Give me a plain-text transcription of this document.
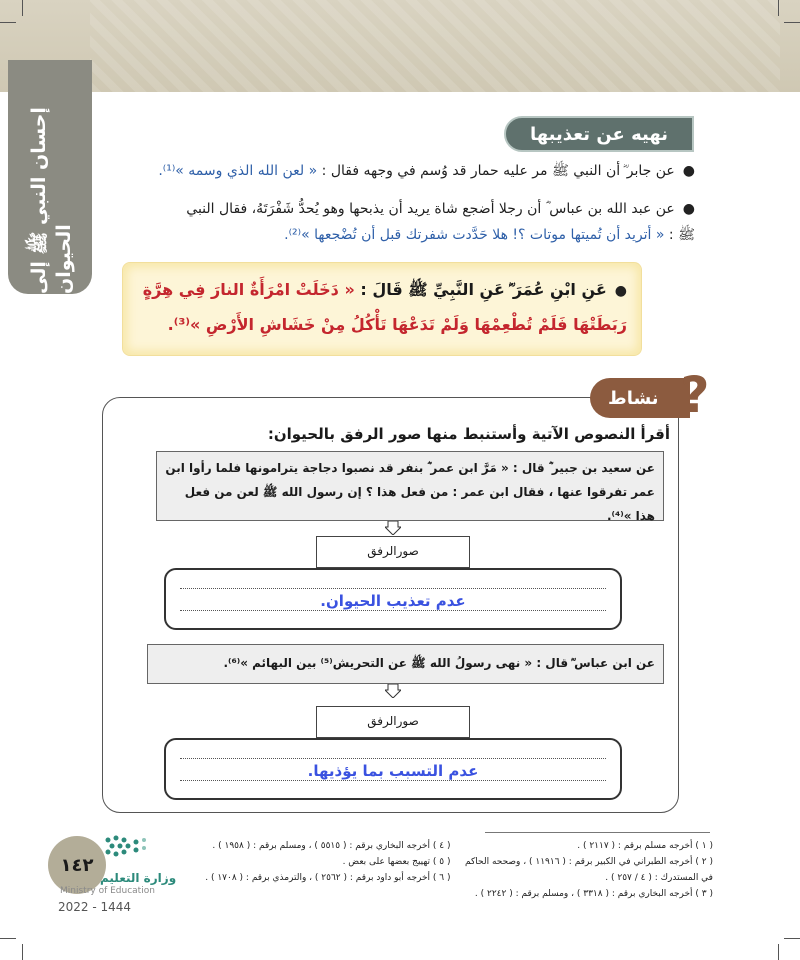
إحسان النبي ﷺ إلى الحيوان
نهيه عن تعذيبها
●عن جابر ؓ أن النبي ﷺ مر عليه حمار قد وُسم في وجهه فقال : « لعن الله الذي وسمه »⁽¹⁾.
●عن عبد الله بن عباس ؓ أن رجلا أضجع شاة يريد أن يذبحها وهو يُحدُّ شَفْرَتَهُ، فقال النبي
ﷺ : « أتريد أن تُميتها موتات ؟! هلا حَدَّدت شفرتك قبل أن تُضْجعها »⁽²⁾.
●عَنِ ابْنِ عُمَرَ ؓ عَنِ النَّبِيِّ ﷺ قَالَ : « دَخَلَتْ امْرَأَةٌ النارَ فِي هِرَّةٍ رَبَطَتْهَا فَلَمْ تُطْعِمْهَا وَلَمْ تَدَعْهَا تَأْكُلُ مِنْ خَشَاشِ الأَرْضِ »⁽³⁾.
نشاط ?
أقرأ النصوص الآتية وأستنبط منها صور الرفق بالحيوان:
عن سعيد بن جبير ؓ قال : « مَرَّ ابن عمر ؓ بنفر قد نصبوا دجاجة يترامونها فلما رأوا ابن
عمر تفرقوا عنها ، فقال ابن عمر : من فعل هذا ؟ إن رسول الله ﷺ لعن من فعل هذا »⁽⁴⁾.
صورالرفق
عدم تعذيب الحيوان.
عن ابن عباس ؓ قال : « نهى رسولُ الله ﷺ عن التحريش⁽⁵⁾ بين البهائم »⁽⁶⁾.
صورالرفق
عدم التسبب بما يؤذيها.
١٤٢
وزارة التعليم
Ministry of Education
2022 - 1444
( ١ ) أخرجه مسلم برقم : ( ٢١١٧ ) .
( ٢ ) أخرجه الطبراني في الكبير برقم : ( ١١٩١٦ ) ، وصححه الحاكم في المستدرك : ( ٤ / ٢٥٧ ) .
( ٣ ) أخرجه البخاري برقم : ( ٣٣١٨ ) ، ومسلم برقم : ( ٢٢٤٢ ) .
( ٤ ) أخرجه البخاري برقم : ( ٥٥١٥ ) ، ومسلم برقم : ( ١٩٥٨ ) .
( ٥ ) تهييج بعضها على بعض .
( ٦ ) أخرجه أبو داود برقم : ( ٢٥٦٢ ) ، والترمذي برقم : ( ١٧٠٨ ) .
